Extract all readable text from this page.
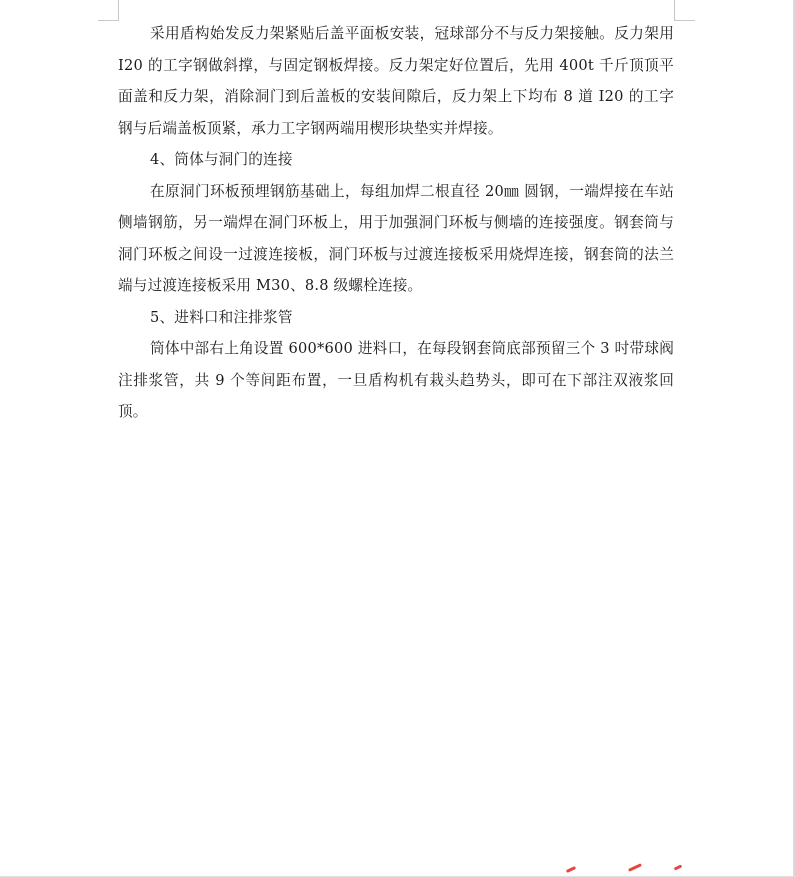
采用盾构始发反力架紧贴后盖平面板安装，冠球部分不与反力架接触。反力架用 I20 的工字钢做斜撑，与固定钢板焊接。反力架定好位置后，先用 400t 千斤顶顶平面盖和反力架，消除洞门到后盖板的安装间隙后，反力架上下均布 8 道 I20 的工字钢与后端盖板顶紧，承力工字钢两端用楔形块垫实并焊接。

4、筒体与洞门的连接

在原洞门环板预埋钢筋基础上，每组加焊二根直径 20㎜ 圆钢，一端焊接在车站侧墙钢筋，另一端焊在洞门环板上，用于加强洞门环板与侧墙的连接强度。钢套筒与洞门环板之间设一过渡连接板，洞门环板与过渡连接板采用烧焊连接，钢套筒的法兰端与过渡连接板采用 M30、8.8 级螺栓连接。

5、进料口和注排浆管

筒体中部右上角设置 600*600 进料口，在每段钢套筒底部预留三个 3 吋带球阀注排浆管，共 9 个等间距布置，一旦盾构机有栽头趋势头，即可在下部注双液浆回顶。
